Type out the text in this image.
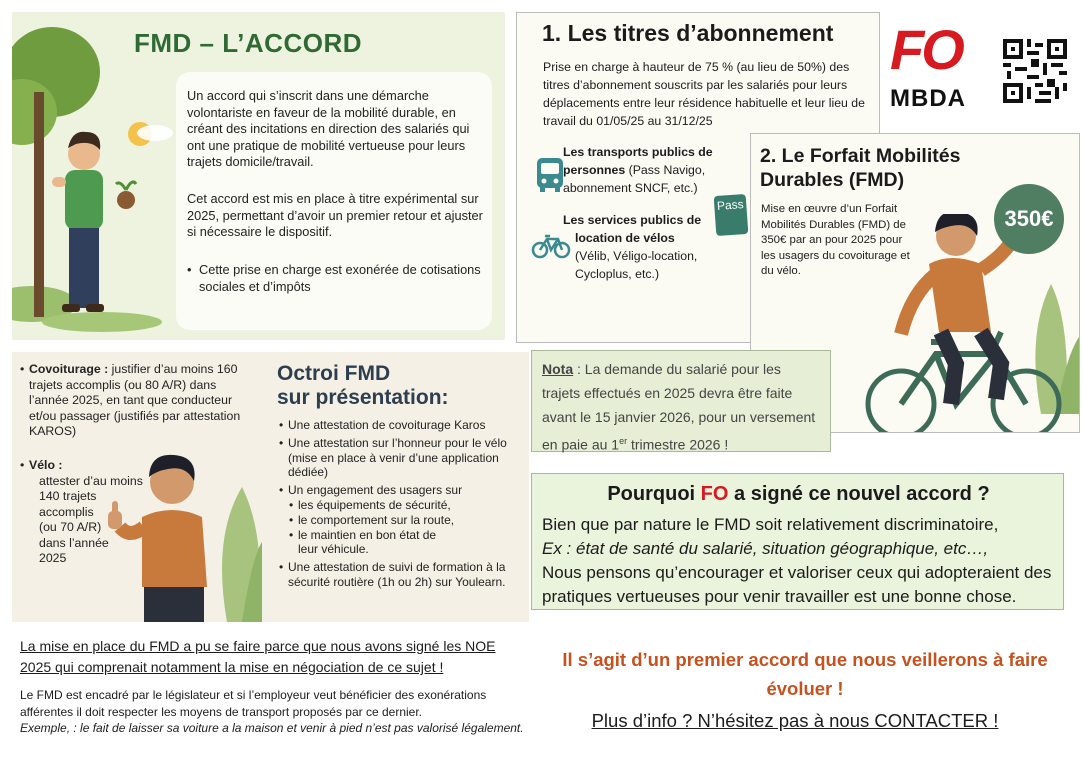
FMD – L’ACCORD
Un accord qui s’inscrit dans une démarche volontariste en faveur de la mobilité durable, en créant des incitations en direction des salariés qui ont une pratique de mobilité vertueuse pour leurs trajets domicile/travail.
Cet accord est mis en place à titre expérimental sur 2025, permettant d’avoir un premier retour et ajuster si nécessaire le dispositif.
• Cette prise en charge est exonérée de cotisations sociales et d’impôts
1. Les titres d’abonnement
Prise en charge à hauteur de 75 % (au lieu de 50%) des titres d’abonnement souscrits par les salariés pour leurs déplacements entre leur résidence habituelle et leur lieu de travail du 01/05/25 au 31/12/25
Les transports publics de
personnes (Pass Navigo,
abonnement SNCF, etc.)
Les services publics de
location de vélos
(Vélib, Véligo-location,
Cycloplus, etc.)
Pass
FO
MBDA
2. Le Forfait Mobilités Durables (FMD)
Mise en œuvre d’un Forfait Mobilités Durables (FMD) de 350€ par an pour 2025 pour les usagers du covoiturage et du vélo.
350€
Nota : La demande du salarié pour les trajets effectués en 2025 devra être faite avant le 15 janvier 2026, pour un versement en paie au 1er trimestre 2026 !
• Covoiturage : justifier d’au moins 160 trajets accomplis (ou 80 A/R) dans l’année 2025, en tant que conducteur et/ou passager (justifiés par attestation KAROS)
• Vélo :
attester d’au moins
140 trajets
accomplis
(ou 70 A/R)
dans l’année
2025
Octroi FMD
sur présentation:
• Une attestation de covoiturage Karos
• Une attestation sur l’honneur pour le vélo (mise en place à venir d’une application dédiée)
• Un engagement des usagers sur
• les équipements de sécurité,
• le comportement sur la route,
• le maintien en bon état de leur véhicule.
• Une attestation de suivi de formation à la sécurité routière (1h ou 2h) sur Youlearn.
Pourquoi FO a signé ce nouvel accord ?
Bien que par nature le FMD soit relativement discriminatoire,
Ex : état de santé du salarié, situation géographique, etc…,
Nous pensons qu’encourager et valoriser ceux qui adopteraient des pratiques vertueuses pour venir travailler est une bonne chose.
La mise en place du FMD a pu se faire parce que nous avons signé les NOE 2025 qui comprenait notamment la mise en négociation de ce sujet !
Le FMD est encadré par le législateur et si l’employeur veut bénéficier des exonérations afférentes il doit respecter les moyens de transport proposés par ce dernier.
Exemple, : le fait de laisser sa voiture a la maison et venir à pied n’est pas valorisé légalement.
Il s’agit d’un premier accord que nous veillerons à faire évoluer !
Plus d’info ? N’hésitez pas à nous CONTACTER !
